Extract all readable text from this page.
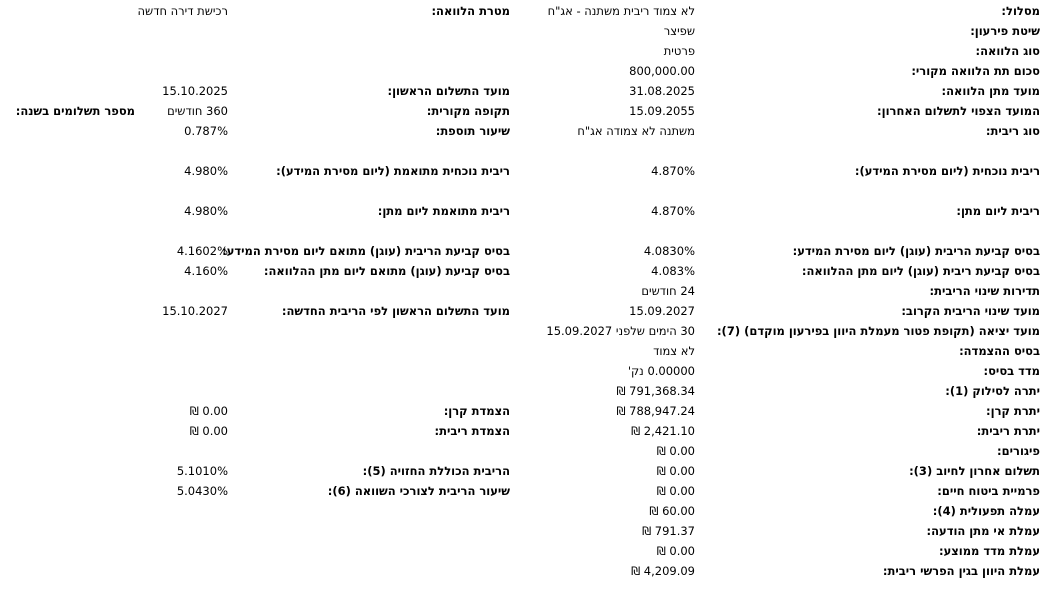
מסלול:
לא צמוד ריבית משתנה - אג"ח
מטרת הלוואה:
רכישת דירה חדשה
שיטת פירעון:
שפיצר
סוג הלוואה:
פרטית
סכום תת הלוואה מקורי:
800,000.00
מועד מתן הלוואה:
31.08.2025
מועד התשלום הראשון:
15.10.2025
המועד הצפוי לתשלום האחרון:
15.09.2055
תקופה מקורית:
360 חודשים
מספר תשלומים בשנה:
סוג ריבית:
משתנה לא צמודה אג"ח
שיעור תוספת:
0.787%
ריבית נוכחית (ליום מסירת המידע):
4.870%
ריבית נוכחית מתואמת (ליום מסירת המידע):
4.980%
ריבית ליום מתן:
4.870%
ריבית מתואמת ליום מתן:
4.980%
בסיס קביעת הריבית (עוגן) ליום מסירת המידע:
4.0830%
בסיס קביעת הריבית (עוגן) מתואם ליום מסירת המידע:
4.1602%
בסיס קביעת ריבית (עוגן) ליום מתן ההלוואה:
4.083%
בסיס קביעת (עוגן) מתואם ליום מתן ההלוואה:
4.160%
תדירות שינוי הריבית:
24 חודשים
מועד שינוי הריבית הקרוב:
15.09.2027
מועד התשלום הראשון לפי הריבית החדשה:
15.10.2027
מועד יציאה (תקופת פטור מעמלת היוון בפירעון מוקדם) (7):
30 הימים שלפני 15.09.2027
בסיס ההצמדה:
לא צמוד
מדד בסיס:
0.00000 נק'
יתרה לסילוק (1):
791,368.34 ₪
יתרת קרן:
788,947.24 ₪
הצמדת קרן:
0.00 ₪
יתרת ריבית:
2,421.10 ₪
הצמדת ריבית:
0.00 ₪
פיגורים:
0.00 ₪
תשלום אחרון לחיוב (3):
0.00 ₪
הריבית הכוללת החזויה (5):
5.1010%
פרמיית ביטוח חיים:
0.00 ₪
שיעור הריבית לצורכי השוואה (6):
5.0430%
עמלה תפעולית (4):
60.00 ₪
עמלת אי מתן הודעה:
791.37 ₪
עמלת מדד ממוצע:
0.00 ₪
עמלת היוון בגין הפרשי ריבית:
4,209.09 ₪
